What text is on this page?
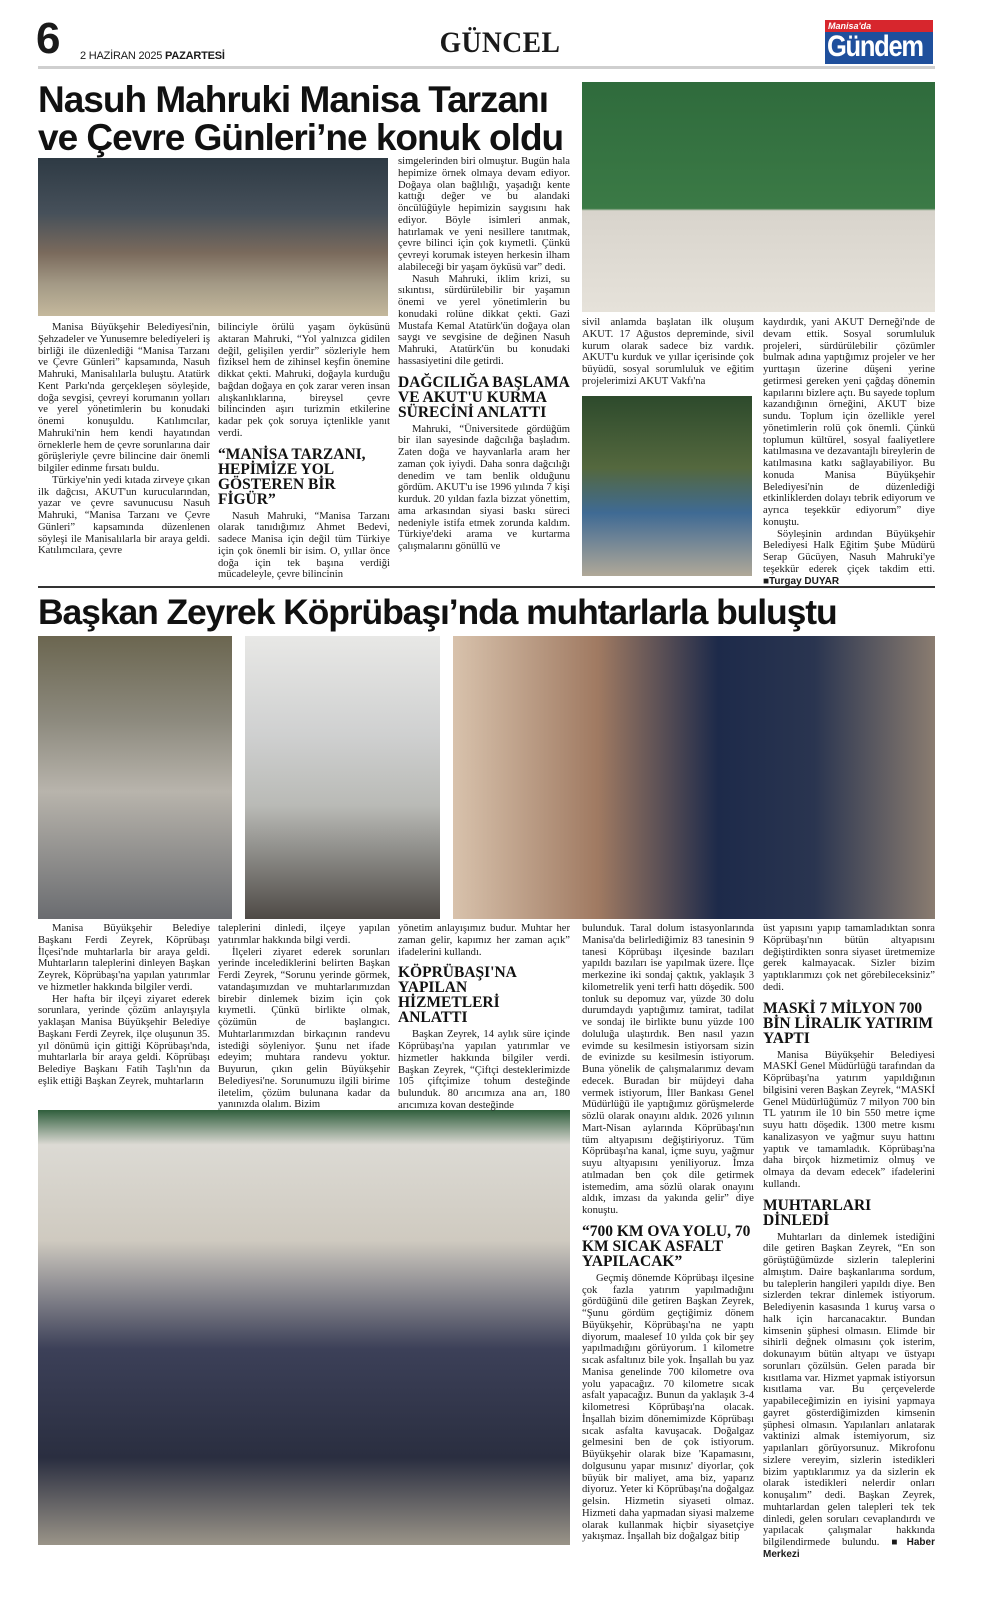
6 2 HAZİRAN 2025 PAZARTESİ	GÜNCEL	Manisa'da
Gündem
Nasuh Mahruki Manisa Tarzanı
ve Çevre Günleri’ne konuk oldu

Manisa Büyükşehir Belediyesi'nin, Şehzadeler ve Yunusemre belediyeleri iş birliği ile düzenlediği “Manisa Tarzanı ve Çevre Günleri” kapsamında, Nasuh Mahruki, Manisalılarla buluştu. Atatürk Kent Parkı'nda gerçekleşen söyleşide, doğa sevgisi, çevreyi korumanın yolları ve yerel yönetimlerin bu konudaki önemi konuşuldu. Katılımcılar, Mahruki'nin hem kendi hayatından örneklerle hem de çevre sorunlarına dair görüşleriyle çevre bilincine dair önemli bilgiler edinme fırsatı buldu.

Türkiye'nin yedi kıtada zirveye çıkan ilk dağcısı, AKUT'un kurucularından, yazar ve çevre savunucusu Nasuh Mahruki, “Manisa Tarzanı ve Çevre Günleri” kapsamında düzenlenen söyleşi ile Manisalılarla bir araya geldi. Katılımcılara, çevre

bilinciyle örülü yaşam öyküsünü aktaran Mahruki, “Yol yalnızca gidilen değil, gelişilen yerdir” sözleriyle hem fiziksel hem de zihinsel keşfin önemine dikkat çekti. Mahruki, doğayla kurduğu bağdan doğaya en çok zarar veren insan alışkanlıklarına, bireysel çevre bilincinden aşırı turizmin etkilerine kadar pek çok soruya içtenlikle yanıt verdi.

“MANİSA TARZANI, HEPİMİZE YOL GÖSTEREN BİR FİGÜR”

Nasuh Mahruki, “Manisa Tarzanı olarak tanıdığımız Ahmet Bedevi, sadece Manisa için değil tüm Türkiye için çok önemli bir isim. O, yıllar önce doğa için tek başına verdiği mücadeleyle, çevre bilincinin

simgelerinden biri olmuştur. Bugün hala hepimize örnek olmaya devam ediyor. Doğaya olan bağlılığı, yaşadığı kente kattığı değer ve bu alandaki öncülüğüyle hepimizin saygısını hak ediyor. Böyle isimleri anmak, hatırlamak ve yeni nesillere tanıtmak, çevre bilinci için çok kıymetli. Çünkü çevreyi korumak isteyen herkesin ilham alabileceği bir yaşam öyküsü var” dedi.

Nasuh Mahruki, iklim krizi, su sıkıntısı, sürdürülebilir bir yaşamın önemi ve yerel yönetimlerin bu konudaki rolüne dikkat çekti. Gazi Mustafa Kemal Atatürk'ün doğaya olan saygı ve sevgisine de değinen Nasuh Mahruki, Atatürk'ün bu konudaki hassasiyetini dile getirdi.

DAĞCILIĞA BAŞLAMA VE AKUT'U KURMA SÜRECİNİ ANLATTI

Mahruki, “Üniversitede gördüğüm bir ilan sayesinde dağcılığa başladım. Zaten doğa ve hayvanlarla aram her zaman çok iyiydi. Daha sonra dağcılığı denedim ve tam benlik olduğunu gördüm. AKUT'u ise 1996 yılında 7 kişi kurduk. 20 yıldan fazla bizzat yönettim, ama arkasından siyasi baskı süreci nedeniyle istifa etmek zorunda kaldım. Türkiye'deki arama ve kurtarma çalışmalarını gönüllü ve

sivil anlamda başlatan ilk oluşum AKUT. 17 Ağustos depreminde, sivil kurum olarak sadece biz vardık. AKUT'u kurduk ve yıllar içerisinde çok büyüdü, sosyal sorumluluk ve eğitim projelerimizi AKUT Vakfı'na

kaydırdık, yani AKUT Derneği'nde de devam ettik. Sosyal sorumluluk projeleri, sürdürülebilir çözümler bulmak adına yaptığımız projeler ve her yurttaşın üzerine düşeni yerine getirmesi gereken yeni çağdaş dönemin kapılarını bizlere açtı. Bu sayede toplum kazandığının örneğini, AKUT bize sundu. Toplum için özellikle yerel yönetimlerin rolü çok önemli. Çünkü toplumun kültürel, sosyal faaliyetlere katılmasına ve dezavantajlı bireylerin de katılmasına katkı sağlayabiliyor. Bu konuda Manisa Büyükşehir Belediyesi'nin de düzenlediği etkinliklerden dolayı tebrik ediyorum ve ayrıca teşekkür ediyorum” diye konuştu.

Söyleşinin ardından Büyükşehir Belediyesi Halk Eğitim Şube Müdürü Serap Gücüyen, Nasuh Mahruki'ye teşekkür ederek çiçek takdim etti. ■ Turgay DUYAR

Başkan Zeyrek Köprübaşı’nda muhtarlarla buluştu

Manisa Büyükşehir Belediye Başkanı Ferdi Zeyrek, Köprübaşı İlçesi'nde muhtarlarla bir araya geldi. Muhtarların taleplerini dinleyen Başkan Zeyrek, Köprübaşı'na yapılan yatırımlar ve hizmetler hakkında bilgiler verdi.

Her hafta bir ilçeyi ziyaret ederek sorunlara, yerinde çözüm anlayışıyla yaklaşan Manisa Büyükşehir Belediye Başkanı Ferdi Zeyrek, ilçe oluşunun 35. yıl dönümü için gittiği Köprübaşı'nda, muhtarlarla bir araya geldi. Köprübaşı Belediye Başkanı Fatih Taşlı'nın da eşlik ettiği Başkan Zeyrek, muhtarların

taleplerini dinledi, ilçeye yapılan yatırımlar hakkında bilgi verdi.

İlçeleri ziyaret ederek sorunları yerinde incelediklerini belirten Başkan Ferdi Zeyrek, “Sorunu yerinde görmek, vatandaşımızdan ve muhtarlarımızdan birebir dinlemek bizim için çok kıymetli. Çünkü birlikte olmak, çözümün de başlangıcı. Muhtarlarımızdan birkaçının randevu istediği söyleniyor. Şunu net ifade edeyim; muhtara randevu yoktur. Buyurun, çıkın gelin Büyükşehir Belediyesi'ne. Sorunumuzu ilgili birime iletelim, çözüm bulunana kadar da yanınızda olalım. Bizim

yönetim anlayışımız budur. Muhtar her zaman gelir, kapımız her zaman açık” ifadelerini kullandı.

KÖPRÜBAŞI'NA YAPILAN HİZMETLERİ ANLATTI

Başkan Zeyrek, 14 aylık süre içinde Köprübaşı'na yapılan yatırımlar ve hizmetler hakkında bilgiler verdi. Başkan Zeyrek, “Çiftçi desteklerimizde 105 çiftçimize tohum desteğinde bulunduk. 80 arıcımıza ana arı, 180 arıcımıza kovan desteğinde

bulunduk. Taral dolum istasyonlarında Manisa'da belirlediğimiz 83 tanesinin 9 tanesi Köprübaşı ilçesinde bazıları yapıldı bazıları ise yapılmak üzere. İlçe merkezine iki sondaj çaktık, yaklaşık 3 kilometrelik yeni terfi hattı döşedik. 500 tonluk su depomuz var, yüzde 30 dolu durumdaydı yaptığımız tamirat, tadilat ve sondaj ile birlikte bunu yüzde 100 doluluğa ulaştırdık. Ben nasıl yazın evimde su kesilmesin istiyorsam sizin de evinizde su kesilmesin istiyorum. Buna yönelik de çalışmalarımız devam edecek. Buradan bir müjdeyi daha vermek istiyorum, İller Bankası Genel Müdürlüğü ile yaptığımız görüşmelerde sözlü olarak onayını aldık. 2026 yılının Mart-Nisan aylarında Köprübaşı'nın tüm altyapısını değiştiriyoruz. Tüm Köprübaşı'na kanal, içme suyu, yağmur suyu altyapısını yeniliyoruz. İmza atılmadan ben çok dile getirmek istemedim, ama sözlü olarak onayını aldık, imzası da yakında gelir” diye konuştu.

“700 KM OVA YOLU, 70 KM SICAK ASFALT YAPILACAK”

Geçmiş dönemde Köprübaşı ilçesine çok fazla yatırım yapılmadığını gördüğünü dile getiren Başkan Zeyrek, “Şunu gördüm geçtiğimiz dönem Büyükşehir, Köprübaşı'na ne yaptı diyorum, maalesef 10 yılda çok bir şey yapılmadığını görüyorum. 1 kilometre sıcak asfaltınız bile yok. İnşallah bu yaz Manisa genelinde 700 kilometre ova yolu yapacağız. 70 kilometre sıcak asfalt yapacağız. Bunun da yaklaşık 3-4 kilometresi Köprübaşı'na olacak. İnşallah bizim dönemimizde Köprübaşı sıcak asfalta kavuşacak. Doğalgaz gelmesini ben de çok istiyorum. Büyükşehir olarak bize 'Kapamasını, dolgusunu yapar mısınız' diyorlar, çok büyük bir maliyet, ama biz, yaparız diyoruz. Yeter ki Köprübaşı'na doğalgaz gelsin. Hizmetin siyaseti olmaz. Hizmeti daha yapmadan siyasi malzeme olarak kullanmak hiçbir siyasetçiye yakışmaz. İnşallah biz doğalgaz bitip

üst yapısını yapıp tamamladıktan sonra Köprübaşı'nın bütün altyapısını değiştirdikten sonra siyaset üretmemize gerek kalmayacak. Sizler bizim yaptıklarımızı çok net görebileceksiniz” dedi.

MASKİ 7 MİLYON 700 BİN LİRALIK YATIRIM YAPTI

Manisa Büyükşehir Belediyesi MASKİ Genel Müdürlüğü tarafından da Köprübaşı'na yatırım yapıldığının bilgisini veren Başkan Zeyrek, “MASKİ Genel Müdürlüğümüz 7 milyon 700 bin TL yatırım ile 10 bin 550 metre içme suyu hattı döşedik. 1300 metre kısmı kanalizasyon ve yağmur suyu hattını yaptık ve tamamladık. Köprübaşı'na daha birçok hizmetimiz olmuş ve olmaya da devam edecek” ifadelerini kullandı.

MUHTARLARI DİNLEDİ

Muhtarları da dinlemek istediğini dile getiren Başkan Zeyrek, “En son görüştüğümüzde sizlerin taleplerini almıştım. Daire başkanlarıma sordum, bu taleplerin hangileri yapıldı diye. Ben sizlerden tekrar dinlemek istiyorum. Belediyenin kasasında 1 kuruş varsa o halk için harcanacaktır. Bundan kimsenin şüphesi olmasın. Elimde bir sihirli değnek olmasını çok isterim, dokunayım bütün altyapı ve üstyapı sorunları çözülsün. Gelen parada bir kısıtlama var. Hizmet yapmak istiyorsun kısıtlama var. Bu çerçevelerde yapabileceğimizin en iyisini yapmaya gayret gösterdiğimizden kimsenin şüphesi olmasın. Yapılanları anlatarak vaktinizi almak istemiyorum, siz yapılanları görüyorsunuz. Mikrofonu sizlere vereyim, sizlerin istedikleri bizim yaptıklarımız ya da sizlerin ek olarak istedikleri nelerdir onları konuşalım” dedi. Başkan Zeyrek, muhtarlardan gelen talepleri tek tek dinledi, gelen soruları cevaplandırdı ve yapılacak çalışmalar hakkında bilgilendirmede bulundu.	■ Haber Merkezi
